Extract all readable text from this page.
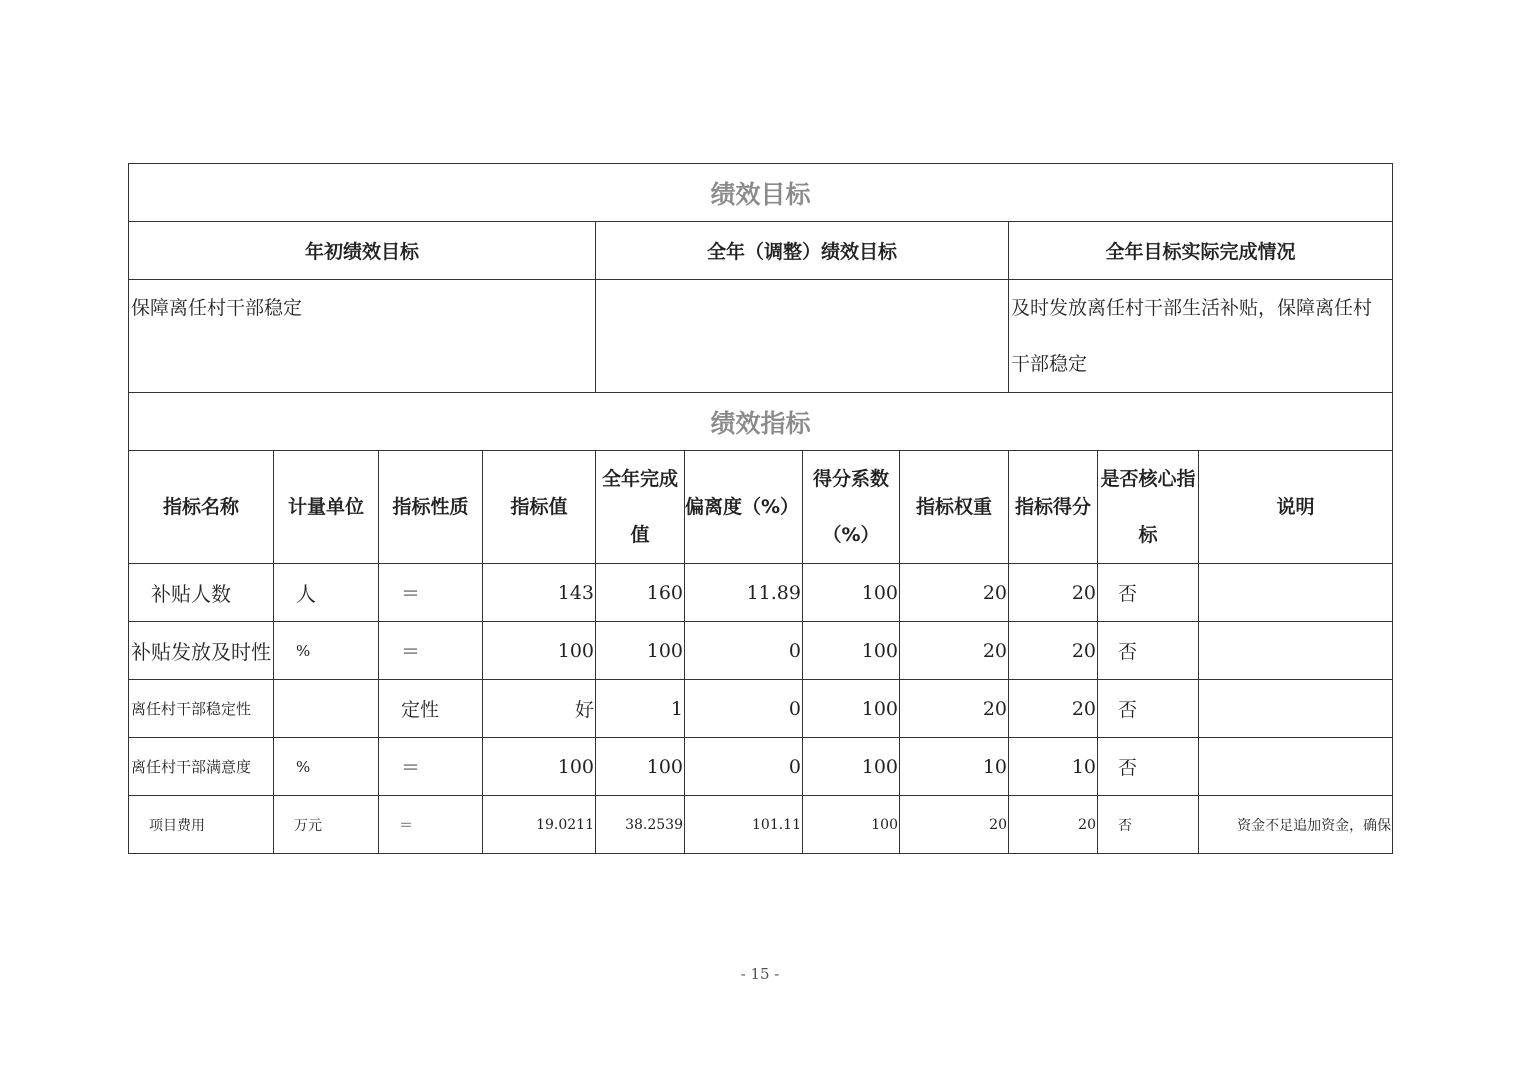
绩效目标										
年初绩效目标				全年（调整）绩效目标				全年目标实际完成情况		
保障离任村干部稳定								及时发放离任村干部生活补贴，保障离任村干部稳定		
绩效指标										
指标名称	计量单位	指标性质	指标值	全年完成值	偏离度（%）	得分系数（%）	指标权重	指标得分	是否核心指标	说明
补贴人数	人	＝	143	160	11.89	100	20	20	否	
补贴发放及时性	%	＝	100	100	0	100	20	20	否	
离任村干部稳定性		定性	好	1	0	100	20	20	否	
离任村干部满意度	%	＝	100	100	0	100	10	10	否	
项目费用	万元	＝	19.0211	38.2539	101.11	100	20	20	否	资金不足追加资金，确保
- 15 -
